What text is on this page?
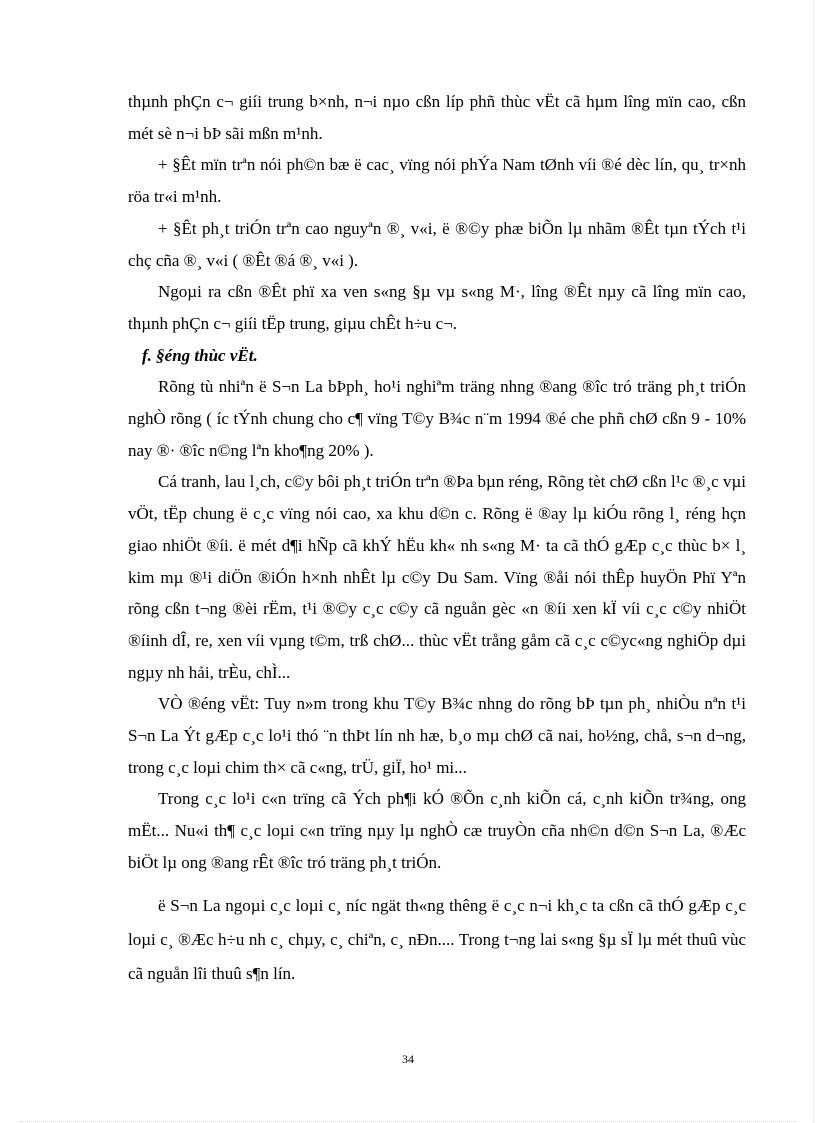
thµnh phÇn c¬ giíi trung b×nh, n¬i nµo cßn líp phñ thùc vËt cã hµm lîng mïn cao, cßn mét sè n¬i bÞ sãi mßn m¹nh.

+ §Êt mïn trªn nói ph©n bæ ë cac¸ vïng nói phÝa Nam tØnh víi ®é dèc lín, qu¸ tr×nh röa tr«i m¹nh.

+ §Êt ph¸t triÓn trªn cao nguyªn ®¸ v«i, ë ®©y phæ biÕn lµ nhãm ®Êt tµn tÝch t¹i chç cña ®¸ v«i ( ®Êt ®á ®¸ v«i ).

Ngoµi ra cßn ®Êt phï xa ven s«ng §µ vµ s«ng M·, lîng ®Êt nµy cã lîng mïn cao, thµnh phÇn c¬ giíi tËp trung, giµu chÊt h÷u c¬.

f. §éng thùc vËt.

Rõng tù nhiªn ë S¬n La bÞph¸ ho¹i nghiªm träng nhng ®ang ®îc tró träng ph¸t triÓn nghÒ rõng ( íc tÝnh chung cho c¶ vïng T©y B¾c n¨m 1994 ®é che phñ chØ cßn 9 - 10% nay ®· ®îc n©ng lªn kho¶ng 20% ).

Cá tranh, lau l¸ch, c©y bôi ph¸t triÓn trªn ®Þa bµn réng, Rõng tèt chØ cßn l¹c ®¸c vµi vÖt, tËp chung ë c¸c vïng nói cao, xa khu d©n c. Rõng ë ®ay lµ kiÓu rõng l¸ réng hçn giao nhiÖt ®íi. ë mét d¶i hÑp cã khÝ hËu kh« nh s«ng M· ta cã thÓ gÆp c¸c thùc b× l¸ kim mµ ®¹i diÖn ®iÓn h×nh nhÊt lµ c©y Du Sam. Vïng ®åi nói thÊp huyÖn Phï Yªn rõng cßn t¬ng ®èi rËm, t¹i ®©y c¸c c©y cã nguån gèc «n ®íi xen kÏ víi c¸c c©y nhiÖt ®íinh dÎ, re, xen víi vµng t©m, trß chØ... thùc vËt trång gåm cã c¸c c©yc«ng nghiÖp dµi ngµy nh hải, trÈu, chÌ...

VÒ ®éng vËt: Tuy n»m trong khu T©y B¾c nhng do rõng bÞ tµn ph¸ nhiÒu nªn t¹i S¬n La Ýt gÆp c¸c lo¹i thó ¨n thÞt lín nh hæ, b¸o mµ chØ cã nai, ho½ng, chå, s¬n d¬ng, trong c¸c loµi chim th× cã c«ng, trÜ, giÏ, ho¹ mi...

Trong c¸c lo¹i c«n trïng cã Ých ph¶i kÓ ®Õn c¸nh kiÕn cá, c¸nh kiÕn tr¾ng, ong mËt... Nu«i th¶ c¸c loµi c«n trïng nµy lµ nghÒ cæ truyÒn cña nh©n d©n S¬n La, ®Æc biÖt lµ ong ®ang rÊt ®îc tró träng ph¸t triÓn.

ë S¬n La ngoµi c¸c loµi c¸ níc ngät th«ng thêng ë c¸c n¬i kh¸c ta cßn cã thÓ gÆp c¸c loµi c¸ ®Æc h÷u nh c¸ chµy, c¸ chiªn, c¸ nÐn.... Trong t¬ng lai s«ng §µ sÏ lµ mét thuû vùc cã nguån lîi thuû s¶n lín.

34
